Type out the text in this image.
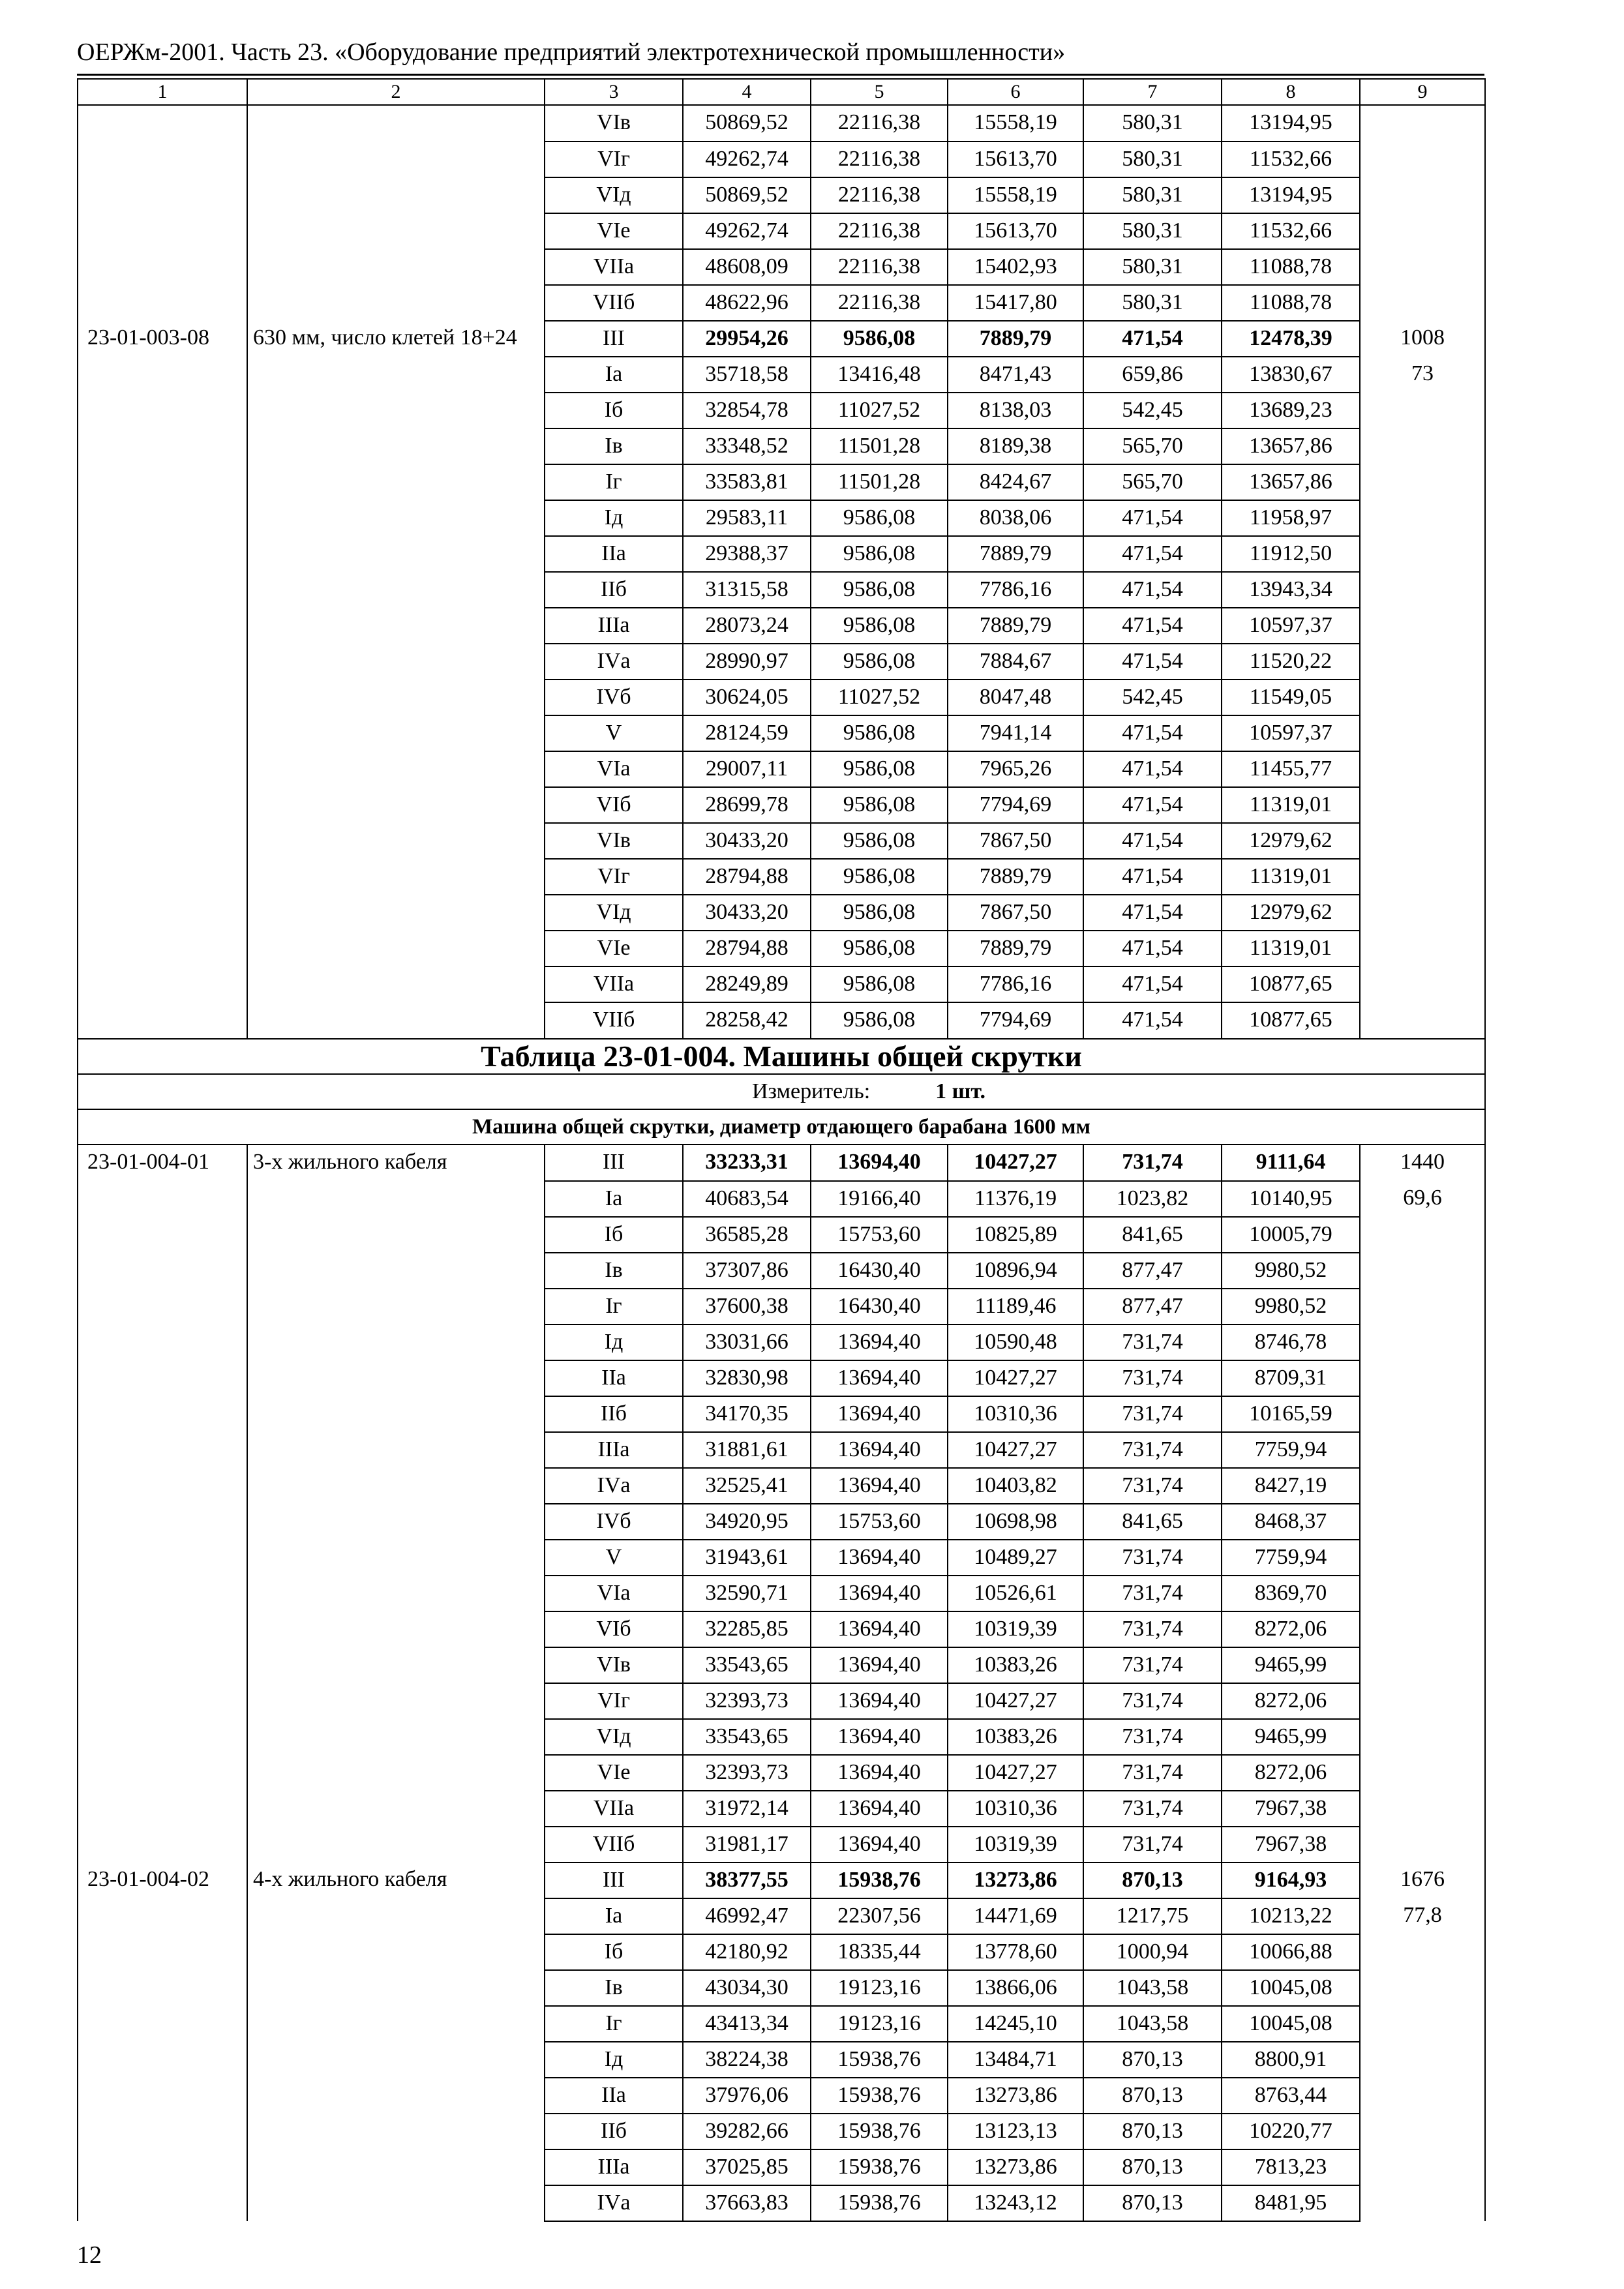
ОЕРЖм-2001. Часть 23. «Оборудование предприятий электротехнической промышленности»
1	2	3	4	5	6	7	8	9
		VIв	50869,52	22116,38	15558,19	580,31	13194,95	
		VIг	49262,74	22116,38	15613,70	580,31	11532,66	
		VIд	50869,52	22116,38	15558,19	580,31	13194,95	
		VIе	49262,74	22116,38	15613,70	580,31	11532,66	
		VIIа	48608,09	22116,38	15402,93	580,31	11088,78	
		VIIб	48622,96	22116,38	15417,80	580,31	11088,78	
23-01-003-08	630 мм, число клетей 18+24	III	29954,26	9586,08	7889,79	471,54	12478,39	1008
		Iа	35718,58	13416,48	8471,43	659,86	13830,67	73
		Iб	32854,78	11027,52	8138,03	542,45	13689,23	
		Iв	33348,52	11501,28	8189,38	565,70	13657,86	
		Iг	33583,81	11501,28	8424,67	565,70	13657,86	
		Iд	29583,11	9586,08	8038,06	471,54	11958,97	
		IIа	29388,37	9586,08	7889,79	471,54	11912,50	
		IIб	31315,58	9586,08	7786,16	471,54	13943,34	
		IIIа	28073,24	9586,08	7889,79	471,54	10597,37	
		IVа	28990,97	9586,08	7884,67	471,54	11520,22	
		IVб	30624,05	11027,52	8047,48	542,45	11549,05	
		V	28124,59	9586,08	7941,14	471,54	10597,37	
		VIа	29007,11	9586,08	7965,26	471,54	11455,77	
		VIб	28699,78	9586,08	7794,69	471,54	11319,01	
		VIв	30433,20	9586,08	7867,50	471,54	12979,62	
		VIг	28794,88	9586,08	7889,79	471,54	11319,01	
		VIд	30433,20	9586,08	7867,50	471,54	12979,62	
		VIе	28794,88	9586,08	7889,79	471,54	11319,01	
		VIIа	28249,89	9586,08	7786,16	471,54	10877,65	
		VIIб	28258,42	9586,08	7794,69	471,54	10877,65	
Таблица 23-01-004. Машины общей скрутки								
Измеритель: 1 шт.								
Машина общей скрутки, диаметр отдающего барабана 1600 мм								
23-01-004-01	3-х жильного кабеля	III	33233,31	13694,40	10427,27	731,74	9111,64	1440
		Iа	40683,54	19166,40	11376,19	1023,82	10140,95	69,6
		Iб	36585,28	15753,60	10825,89	841,65	10005,79	
		Iв	37307,86	16430,40	10896,94	877,47	9980,52	
		Iг	37600,38	16430,40	11189,46	877,47	9980,52	
		Iд	33031,66	13694,40	10590,48	731,74	8746,78	
		IIа	32830,98	13694,40	10427,27	731,74	8709,31	
		IIб	34170,35	13694,40	10310,36	731,74	10165,59	
		IIIа	31881,61	13694,40	10427,27	731,74	7759,94	
		IVа	32525,41	13694,40	10403,82	731,74	8427,19	
		IVб	34920,95	15753,60	10698,98	841,65	8468,37	
		V	31943,61	13694,40	10489,27	731,74	7759,94	
		VIа	32590,71	13694,40	10526,61	731,74	8369,70	
		VIб	32285,85	13694,40	10319,39	731,74	8272,06	
		VIв	33543,65	13694,40	10383,26	731,74	9465,99	
		VIг	32393,73	13694,40	10427,27	731,74	8272,06	
		VIд	33543,65	13694,40	10383,26	731,74	9465,99	
		VIе	32393,73	13694,40	10427,27	731,74	8272,06	
		VIIа	31972,14	13694,40	10310,36	731,74	7967,38	
		VIIб	31981,17	13694,40	10319,39	731,74	7967,38	
23-01-004-02	4-х жильного кабеля	III	38377,55	15938,76	13273,86	870,13	9164,93	1676
		Iа	46992,47	22307,56	14471,69	1217,75	10213,22	77,8
		Iб	42180,92	18335,44	13778,60	1000,94	10066,88	
		Iв	43034,30	19123,16	13866,06	1043,58	10045,08	
		Iг	43413,34	19123,16	14245,10	1043,58	10045,08	
		Iд	38224,38	15938,76	13484,71	870,13	8800,91	
		IIа	37976,06	15938,76	13273,86	870,13	8763,44	
		IIб	39282,66	15938,76	13123,13	870,13	10220,77	
		IIIа	37025,85	15938,76	13273,86	870,13	7813,23	
		IVа	37663,83	15938,76	13243,12	870,13	8481,95	
12
